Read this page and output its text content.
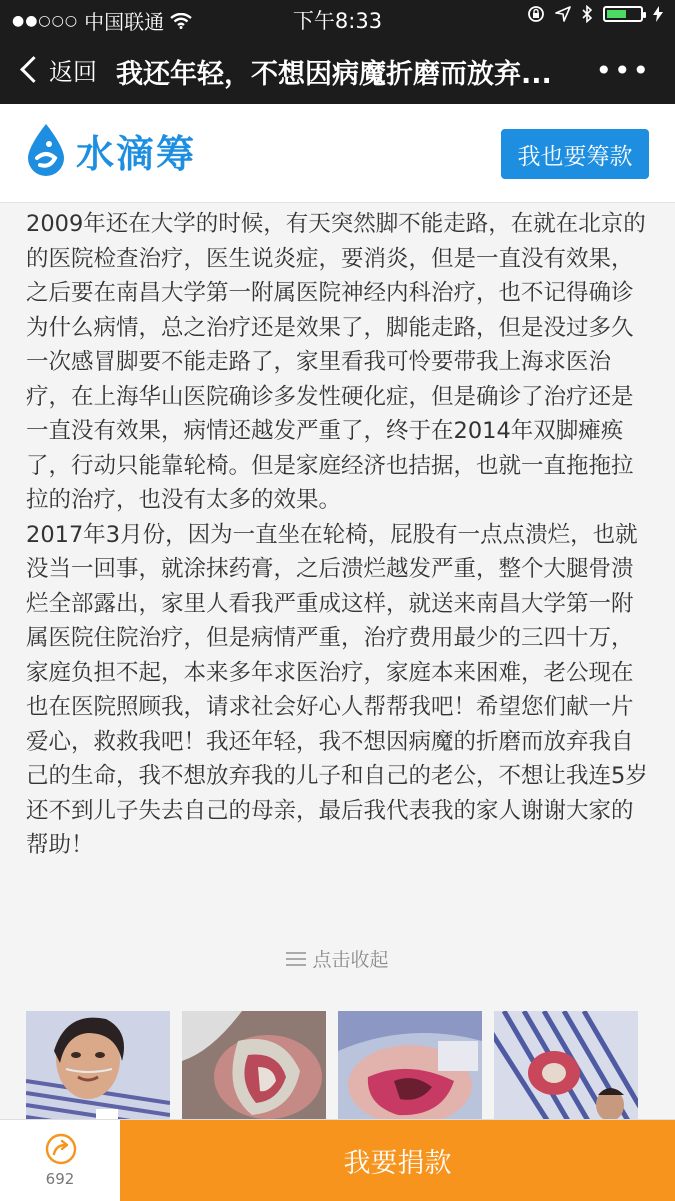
●●○○○ 中国联通	下午8:33
返回 我还年轻，不想因病魔折磨而放弃...	•••
水滴筹	我也要筹款

2009年还在大学的时候，有天突然脚不能走路，在就在北京的的医院检查治疗，医生说炎症，要消炎，但是一直没有效果，之后要在南昌大学第一附属医院神经内科治疗，也不记得确诊为什么病情，总之治疗还是效果了，脚能走路，但是没过多久一次感冒脚要不能走路了，家里看我可怜要带我上海求医治疗，在上海华山医院确诊多发性硬化症，但是确诊了治疗还是一直没有效果，病情还越发严重了，终于在2014年双脚瘫痪了，行动只能靠轮椅。但是家庭经济也拮据，也就一直拖拖拉拉的治疗，也没有太多的效果。

2017年3月份，因为一直坐在轮椅，屁股有一点点溃烂，也就没当一回事，就涂抹药膏，之后溃烂越发严重，整个大腿骨溃烂全部露出，家里人看我严重成这样，就送来南昌大学第一附属医院住院治疗，但是病情严重，治疗费用最少的三四十万，家庭负担不起，本来多年求医治疗，家庭本来困难，老公现在也在医院照顾我，请求社会好心人帮帮我吧！希望您们献一片爱心，救救我吧！我还年轻，我不想因病魔的折磨而放弃我自己的生命，我不想放弃我的儿子和自己的老公，不想让我连5岁还不到儿子失去自己的母亲，最后我代表我的家人谢谢大家的帮助！

点击收起
692	我要捐款
